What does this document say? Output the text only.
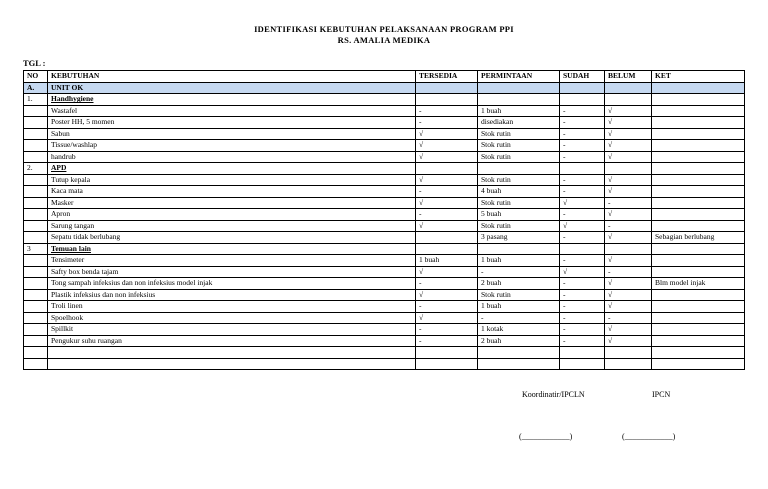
IDENTIFIKASI KEBUTUHAN PELAKSANAAN PROGRAM PPI
RS. AMALIA MEDIKA
TGL :
NO	KEBUTUHAN	TERSEDIA	PERMINTAAN	SUDAH	BELUM	KET
A.	UNIT OK					
1.	Handhygiene					
	Wastafel	-	1 buah	-	√	
	Poster HH, 5 momen	-	disediakan	-	√	
	Sabun	√	Stok rutin	-	√	
	Tissue/washlap	√	Stok rutin	-	√	
	handrub	√	Stok rutin	-	√	
2.	APD					
	Tutup kepala	√	Stok rutin	-	√	
	Kaca mata	-	4 buah	-	√	
	Masker	√	Stok rutin	√	-	
	Apron	-	5 buah	-	√	
	Sarung tangan	√	Stok rutin	√	-	
	Sepatu tidak berlubang		3 pasang	-	√	Sebagian berlubang
3	Temuan lain					
	Tensimeter	1 buah	1 buah	-	√	
	Safty box benda tajam	√	-	√	-	
	Tong sampah infeksius dan non infeksius model injak	-	2 buah	-	√	Blm model injak
	Plastik infeksius dan non infeksius	√	Stok rutin	-	√	
	Troli linen	-	1 buah	-	√	
	Spoelhook	√	-	-	-	
	Spillkit	-	1 kotak	-	√	
	Pengukur suhu ruangan	-	2 buah	-	√	

Koordinatir/IPCLN	IPCN
(____________)	(____________)
